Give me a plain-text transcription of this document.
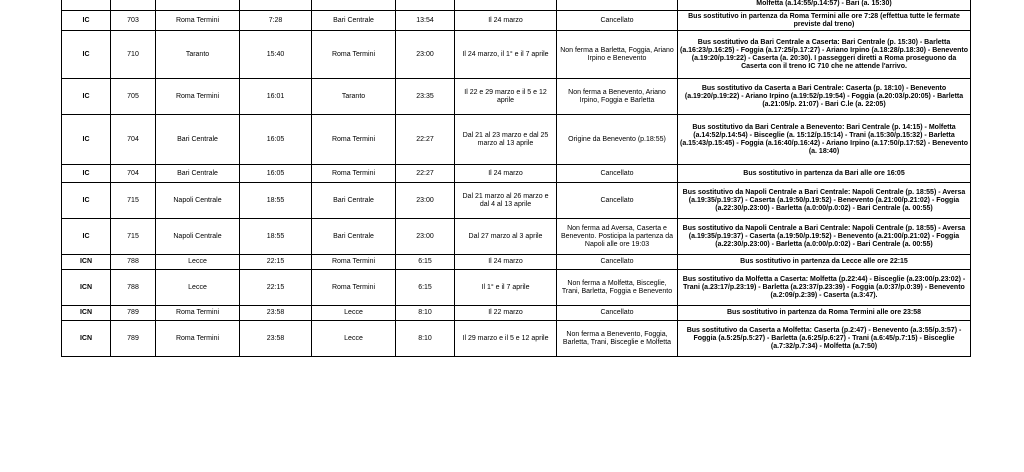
								Molfetta (a.14:55/p.14:57) - Bari (a. 15:30)
IC	703	Roma Termini	7:28	Bari Centrale	13:54	Il 24 marzo	Cancellato	Bus sostitutivo in partenza da Roma Termini alle ore 7:28 (effettua tutte le fermate previste dal treno)
IC	710	Taranto	15:40	Roma Termini	23:00	Il 24 marzo, il 1° e il 7 aprile	Non ferma a Barletta, Foggia, Ariano Irpino e Benevento	Bus sostitutivo da Bari Centrale a Caserta: Bari Centrale (p. 15:30) - Barletta (a.16:23/p.16:25) - Foggia (a.17:25/p.17:27) - Ariano Irpino (a.18:28/p.18:30) - Benevento (a.19:20/p.19:22) - Caserta (a. 20:30). I passeggeri diretti a Roma proseguono da Caserta con il treno IC 710 che ne attende l'arrivo.
IC	705	Roma Termini	16:01	Taranto	23:35	Il 22 e 29 marzo e il 5 e 12 aprile	Non ferma a Benevento, Ariano Irpino, Foggia e Barletta	Bus sostitutivo da Caserta a Bari Centrale: Caserta (p. 18:10) - Benevento (a.19:20/p.19:22) - Ariano Irpino (a.19:52/p.19:54) - Foggia (a.20:03/p.20:05) - Barletta (a.21:05/p. 21:07) - Bari C.le (a. 22:05)
IC	704	Bari Centrale	16:05	Roma Termini	22:27	Dal 21 al 23 marzo e dal 25 marzo al 13 aprile	Origine da Benevento (p.18:55)	Bus sostitutivo da Bari Centrale a Benevento: Bari Centrale (p. 14:15) - Molfetta (a.14:52/p.14:54) - Bisceglie (a. 15:12/p.15:14) - Trani (a.15:30/p.15:32) - Barletta (a.15:43/p.15:45) - Foggia (a.16:40/p.16:42) - Ariano Irpino (a.17:50/p.17:52) - Benevento (a. 18:40)
IC	704	Bari Centrale	16:05	Roma Termini	22:27	Il 24 marzo	Cancellato	Bus sostitutivo in partenza da Bari alle ore 16:05
IC	715	Napoli Centrale	18:55	Bari Centrale	23:00	Dal 21 marzo al 26 marzo e dal 4 al 13 aprile	Cancellato	Bus sostitutivo da Napoli Centrale a Bari Centrale: Napoli Centrale (p. 18:55) - Aversa (a.19:35/p.19:37) - Caserta (a.19:50/p.19:52) - Benevento (a.21:00/p.21:02) - Foggia (a.22:30/p.23:00) - Barletta (a.0:00/p.0:02) - Bari Centrale (a. 00:55)
IC	715	Napoli Centrale	18:55	Bari Centrale	23:00	Dal 27 marzo al 3 aprile	Non ferma ad Aversa, Caserta e Benevento. Posticipa la partenza da Napoli alle ore 19:03	Bus sostitutivo da Napoli Centrale a Bari Centrale: Napoli Centrale (p. 18:55) - Aversa (a.19:35/p.19:37) - Caserta (a.19:50/p.19:52) - Benevento (a.21:00/p.21:02) - Foggia (a.22:30/p.23:00) - Barletta (a.0:00/p.0:02) - Bari Centrale (a. 00:55)
ICN	788	Lecce	22:15	Roma Termini	6:15	Il 24 marzo	Cancellato	Bus sostitutivo in partenza da Lecce alle ore 22:15
ICN	788	Lecce	22:15	Roma Termini	6:15	Il 1° e il 7 aprile	Non ferma a Molfetta, Bisceglie, Trani, Barletta, Foggia e Benevento	Bus sostitutivo da Molfetta a Caserta: Molfetta (p.22:44) - Bisceglie (a.23:00/p.23:02) - Trani (a.23:17/p.23:19) - Barletta (a.23:37/p.23:39) - Foggia (a.0:37/p.0:39) - Benevento (a.2:09/p.2:39) - Caserta (a.3:47).
ICN	789	Roma Termini	23:58	Lecce	8:10	Il 22 marzo	Cancellato	Bus sostitutivo in partenza da Roma Termini alle ore 23:58
ICN	789	Roma Termini	23:58	Lecce	8:10	Il 29 marzo e il 5 e 12 aprile	Non ferma a Benevento, Foggia, Barletta, Trani, Bisceglie e Molfetta	Bus sostitutivo da Caserta a Molfetta: Caserta (p.2:47) - Benevento (a.3:55/p.3:57) - Foggia (a.5:25/p.5:27) - Barletta (a.6:25/p.6:27) - Trani (a.6:45/p.7:15) - Bisceglie (a.7:32/p.7:34) - Molfetta (a.7:50)
